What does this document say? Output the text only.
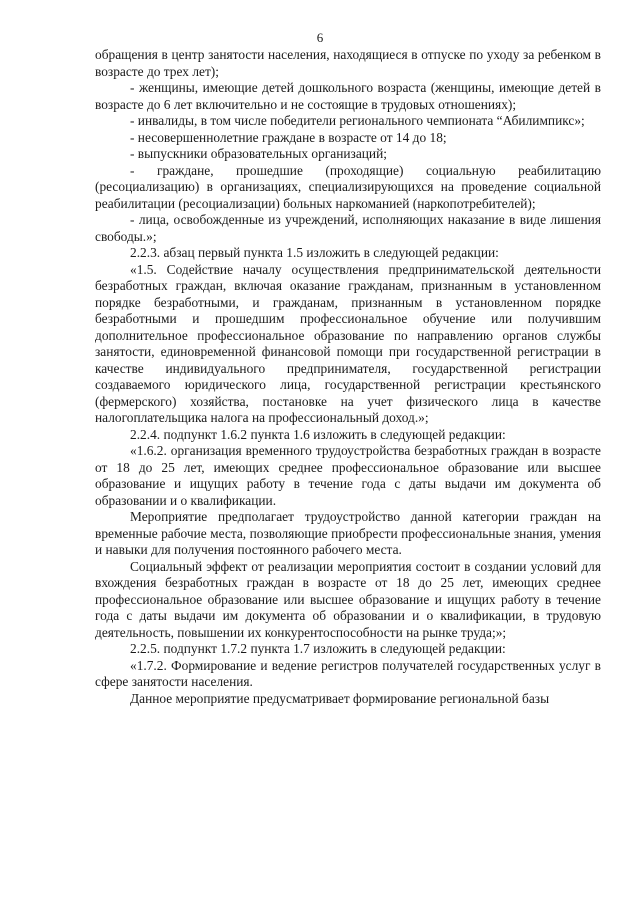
6

обращения в центр занятости населения, находящиеся в отпуске по уходу за ребенком в возрасте до трех лет);

- женщины, имеющие детей дошкольного возраста (женщины, имеющие детей в возрасте до 6 лет включительно и не состоящие в трудовых отношениях);

- инвалиды, в том числе победители регионального чемпионата “Абилимпикс»;

- несовершеннолетние граждане в возрасте от 14 до 18;

- выпускники образовательных организаций;

- граждане, прошедшие (проходящие) социальную реабилитацию (ресоциализацию) в организациях, специализирующихся на проведение социальной реабилитации (ресоциализации) больных наркоманией (наркопотребителей);

- лица, освобожденные из учреждений, исполняющих наказание в виде лишения свободы.»;

2.2.3. абзац первый пункта 1.5 изложить в следующей редакции:

«1.5. Содействие началу осуществления предпринимательской деятельности безработных граждан, включая оказание гражданам, признанным в установленном порядке безработными, и гражданам, признанным в установленном порядке безработными и прошедшим профессиональное обучение или получившим дополнительное профессиональное образование по направлению органов службы занятости, единовременной финансовой помощи при государственной регистрации в качестве индивидуального предпринимателя, государственной регистрации создаваемого юридического лица, государственной регистрации крестьянского (фермерского) хозяйства, постановке на учет физического лица в качестве налогоплательщика налога на профессиональный доход.»;

2.2.4. подпункт 1.6.2 пункта 1.6 изложить в следующей редакции:

«1.6.2. организация временного трудоустройства безработных граждан в возрасте от 18 до 25 лет, имеющих среднее профессиональное образование или высшее образование и ищущих работу в течение года с даты выдачи им документа об образовании и о квалификации.

Мероприятие предполагает трудоустройство данной категории граждан на временные рабочие места, позволяющие приобрести профессиональные знания, умения и навыки для получения постоянного рабочего места.

Социальный эффект от реализации мероприятия состоит в создании условий для вхождения безработных граждан в возрасте от 18 до 25 лет, имеющих среднее профессиональное образование или высшее образование и ищущих работу в течение года с даты выдачи им документа об образовании и о квалификации, в трудовую деятельность, повышении их конкурентоспособности на рынке труда;»;

2.2.5. подпункт 1.7.2 пункта 1.7 изложить в следующей редакции:

«1.7.2. Формирование и ведение регистров получателей государственных услуг в сфере занятости населения.

Данное мероприятие предусматривает формирование региональной базы
